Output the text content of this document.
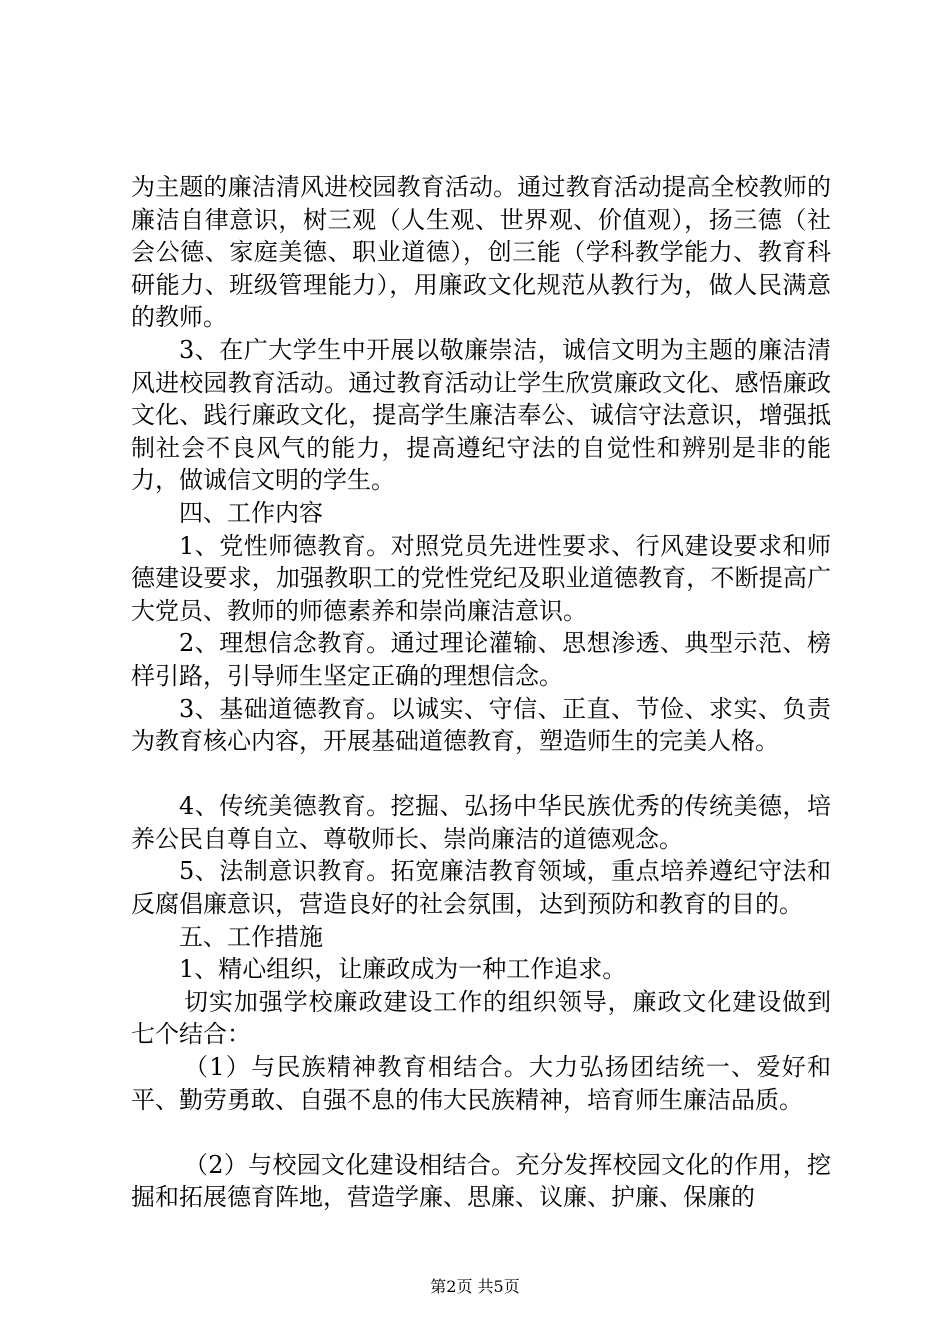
为主题的廉洁清风进校园教育活动。通过教育活动提高全校教师的廉洁自律意识，树三观（人生观、世界观、价值观），扬三德（社会公德、家庭美德、职业道德），创三能（学科教学能力、教育科研能力、班级管理能力），用廉政文化规范从教行为，做人民满意的教师。

3、在广大学生中开展以敬廉崇洁，诚信文明为主题的廉洁清风进校园教育活动。通过教育活动让学生欣赏廉政文化、感悟廉政文化、践行廉政文化，提高学生廉洁奉公、诚信守法意识，增强抵制社会不良风气的能力，提高遵纪守法的自觉性和辨别是非的能力，做诚信文明的学生。

四、工作内容

1、党性师德教育。对照党员先进性要求、行风建设要求和师德建设要求，加强教职工的党性党纪及职业道德教育，不断提高广大党员、教师的师德素养和崇尚廉洁意识。

2、理想信念教育。通过理论灌输、思想渗透、典型示范、榜样引路，引导师生坚定正确的理想信念。

3、基础道德教育。以诚实、守信、正直、节俭、求实、负责为教育核心内容，开展基础道德教育，塑造师生的完美人格。

4、传统美德教育。挖掘、弘扬中华民族优秀的传统美德，培养公民自尊自立、尊敬师长、崇尚廉洁的道德观念。

5、法制意识教育。拓宽廉洁教育领域，重点培养遵纪守法和反腐倡廉意识，营造良好的社会氛围，达到预防和教育的目的。

五、工作措施

1、精心组织，让廉政成为一种工作追求。

切实加强学校廉政建设工作的组织领导，廉政文化建设做到七个结合：

（1）与民族精神教育相结合。大力弘扬团结统一、爱好和平、勤劳勇敢、自强不息的伟大民族精神，培育师生廉洁品质。

（2）与校园文化建设相结合。充分发挥校园文化的作用，挖掘和拓展德育阵地，营造学廉、思廉、议廉、护廉、保廉的

第2页 共5页
